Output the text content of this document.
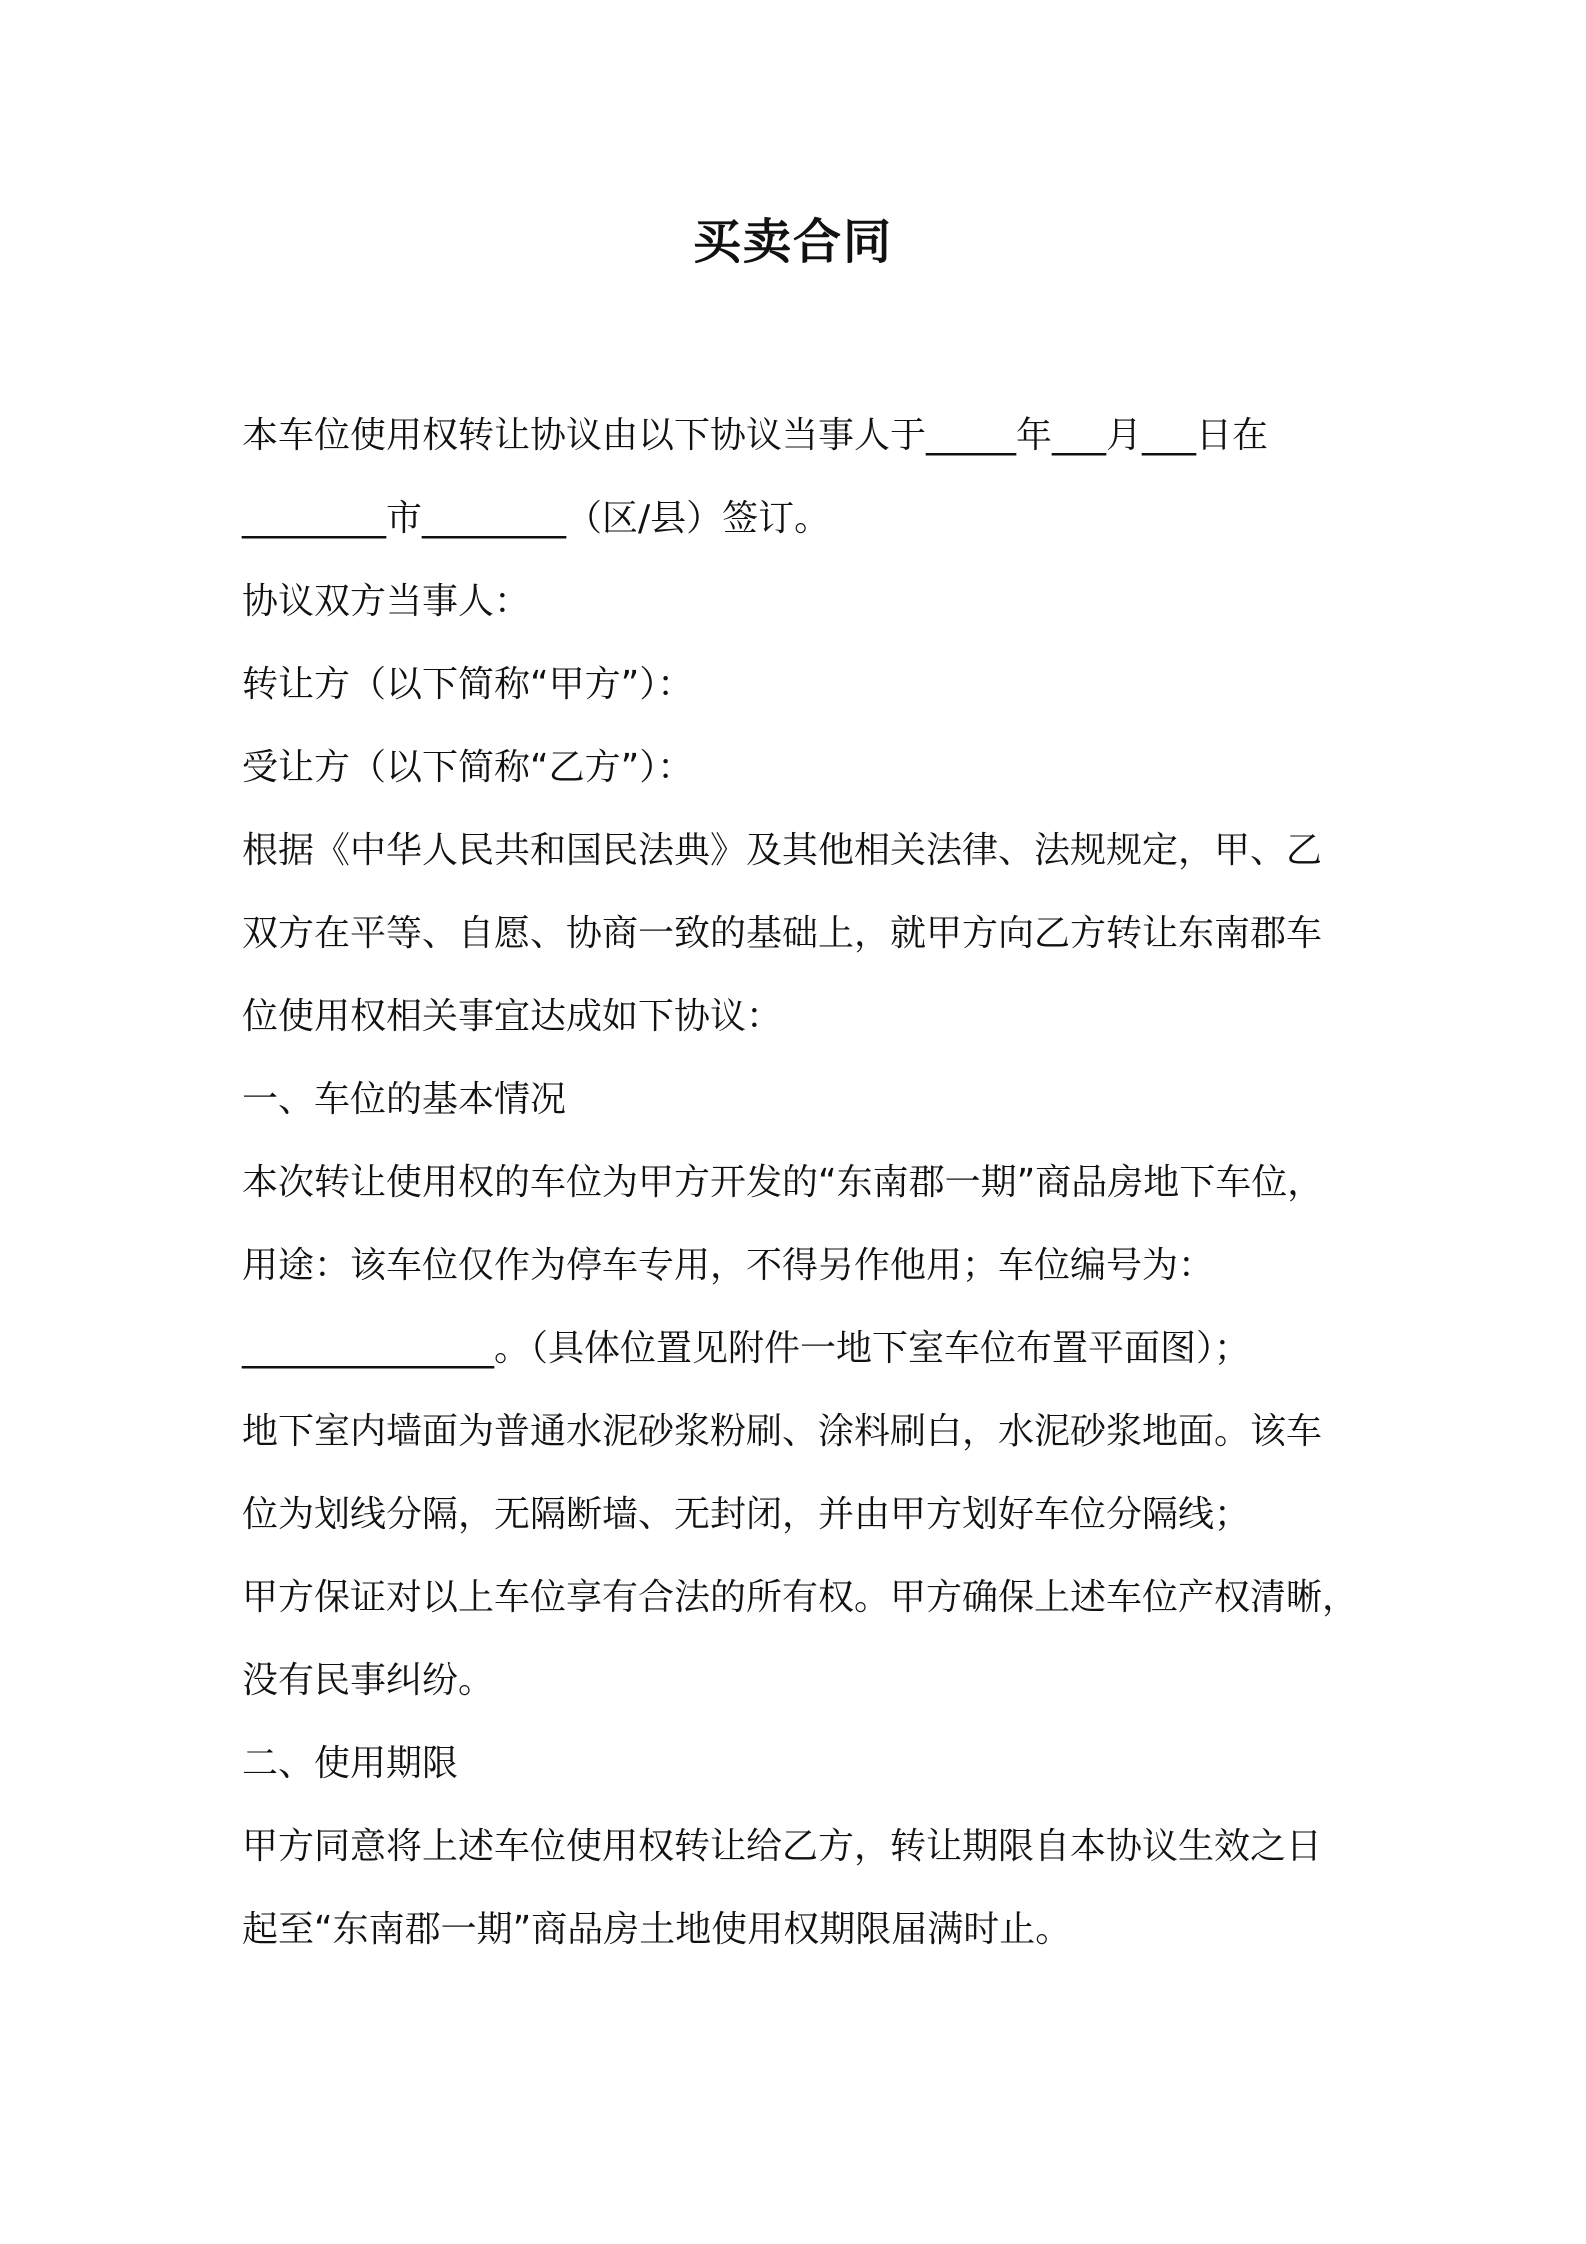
买卖合同

本车位使用权转让协议由以下协议当事人于_____年___月___日在

________市________（区/县）签订。

协议双方当事人：

转让方（以下简称“甲方”）：

受让方（以下简称“乙方”）：

根据《中华人民共和国民法典》及其他相关法律、法规规定，甲、乙

双方在平等、自愿、协商一致的基础上，就甲方向乙方转让东南郡车

位使用权相关事宜达成如下协议：

一、车位的基本情况

本次转让使用权的车位为甲方开发的“东南郡一期”商品房地下车位，

用途：该车位仅作为停车专用，不得另作他用；车位编号为：

______________。（具体位置见附件一地下室车位布置平面图）；

地下室内墙面为普通水泥砂浆粉刷、涂料刷白，水泥砂浆地面。该车

位为划线分隔，无隔断墙、无封闭，并由甲方划好车位分隔线；

甲方保证对以上车位享有合法的所有权。甲方确保上述车位产权清晰，

没有民事纠纷。

二、使用期限

甲方同意将上述车位使用权转让给乙方，转让期限自本协议生效之日

起至“东南郡一期”商品房土地使用权期限届满时止。
